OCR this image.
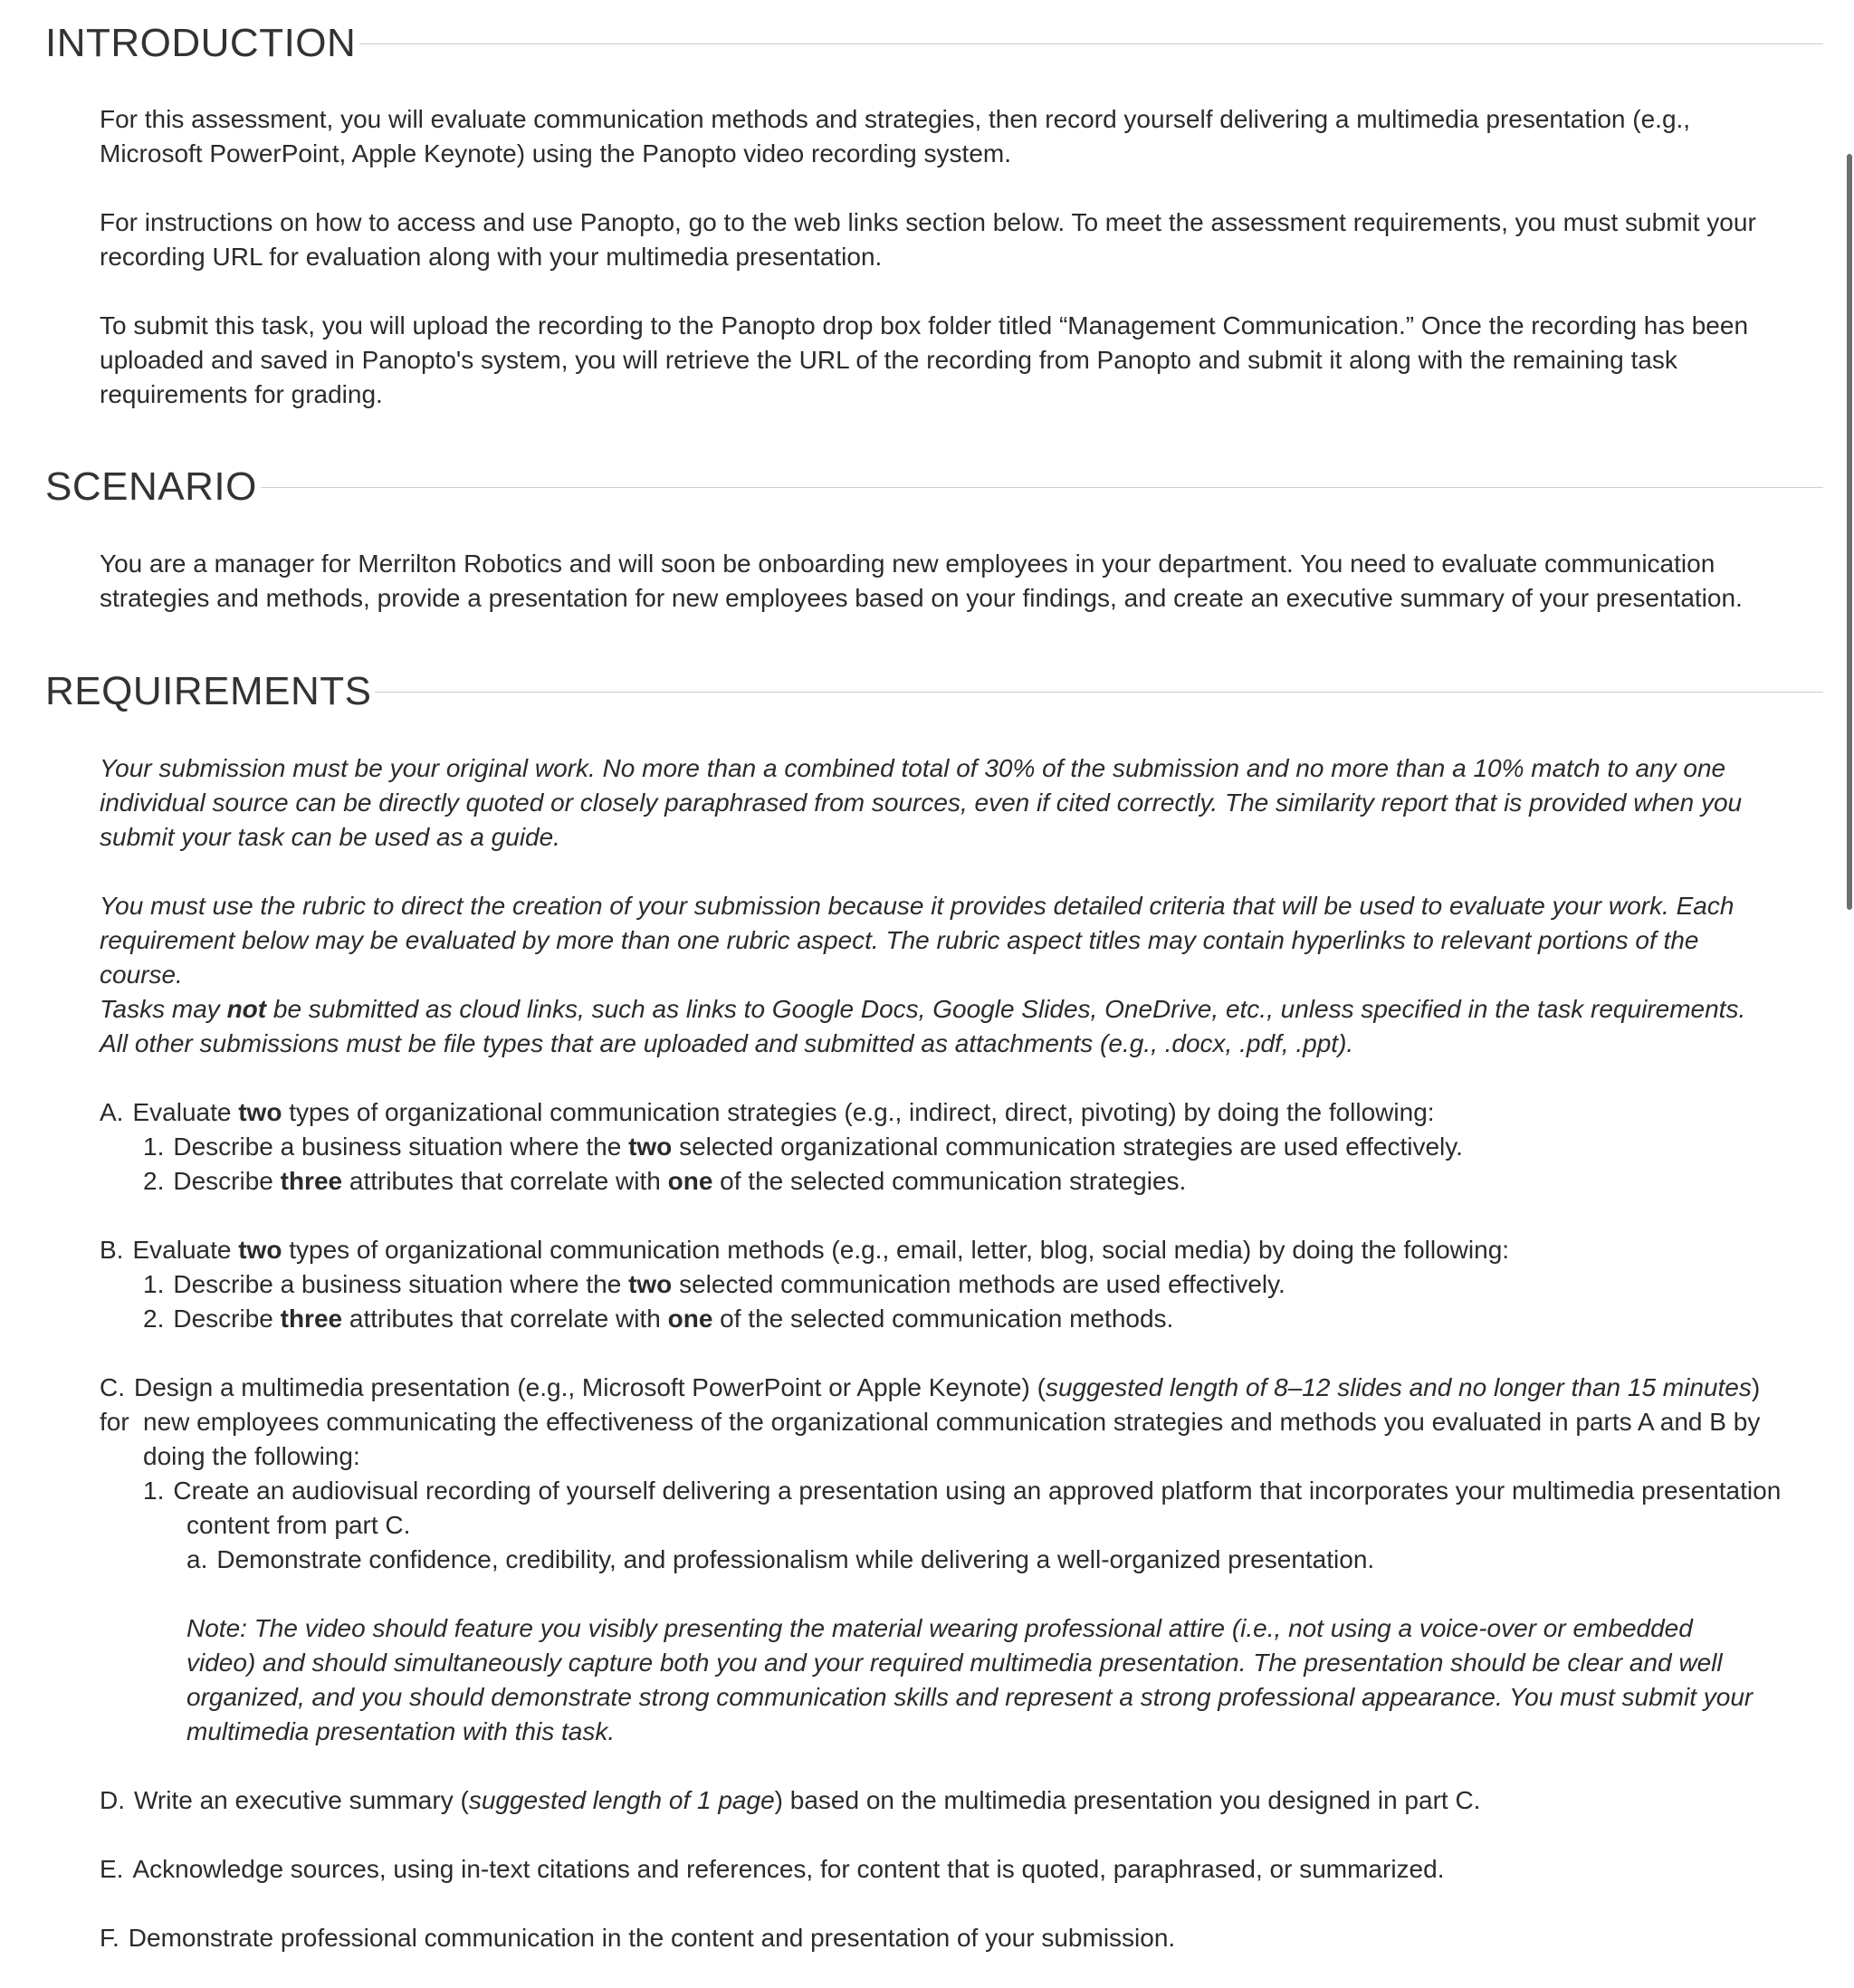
INTRODUCTION

For this assessment, you will evaluate communication methods and strategies, then record yourself delivering a multimedia presentation (e.g., Microsoft PowerPoint, Apple Keynote) using the Panopto video recording system.

For instructions on how to access and use Panopto, go to the web links section below. To meet the assessment requirements, you must submit your recording URL for evaluation along with your multimedia presentation.

To submit this task, you will upload the recording to the Panopto drop box folder titled “Management Communication.” Once the recording has been uploaded and saved in Panopto's system, you will retrieve the URL of the recording from Panopto and submit it along with the remaining task requirements for grading.

SCENARIO

You are a manager for Merrilton Robotics and will soon be onboarding new employees in your department. You need to evaluate communication strategies and methods, provide a presentation for new employees based on your findings, and create an executive summary of your presentation.

REQUIREMENTS

Your submission must be your original work. No more than a combined total of 30% of the submission and no more than a 10% match to any one individual source can be directly quoted or closely paraphrased from sources, even if cited correctly. The similarity report that is provided when you submit your task can be used as a guide.

You must use the rubric to direct the creation of your submission because it provides detailed criteria that will be used to evaluate your work. Each requirement below may be evaluated by more than one rubric aspect. The rubric aspect titles may contain hyperlinks to relevant portions of the course.

Tasks may not be submitted as cloud links, such as links to Google Docs, Google Slides, OneDrive, etc., unless specified in the task requirements. All other submissions must be file types that are uploaded and submitted as attachments (e.g., .docx, .pdf, .ppt).

A. Evaluate two types of organizational communication strategies (e.g., indirect, direct, pivoting) by doing the following:
1. Describe a business situation where the two selected organizational communication strategies are used effectively.
2. Describe three attributes that correlate with one of the selected communication strategies.
B. Evaluate two types of organizational communication methods (e.g., email, letter, blog, social media) by doing the following:
1. Describe a business situation where the two selected communication methods are used effectively.
2. Describe three attributes that correlate with one of the selected communication methods.
C. Design a multimedia presentation (e.g., Microsoft PowerPoint or Apple Keynote) (suggested length of 8–12 slides and no longer than 15 minutes) for new employees communicating the effectiveness of the organizational communication strategies and methods you evaluated in parts A and B by
doing the following:
1. Create an audiovisual recording of yourself delivering a presentation using an approved platform that incorporates your multimedia presentation
content from part C.
a. Demonstrate confidence, credibility, and professionalism while delivering a well-organized presentation.

Note: The video should feature you visibly presenting the material wearing professional attire (i.e., not using a voice-over or embedded video) and should simultaneously capture both you and your required multimedia presentation. The presentation should be clear and well organized, and you should demonstrate strong communication skills and represent a strong professional appearance. You must submit your multimedia presentation with this task.

D. Write an executive summary (suggested length of 1 page) based on the multimedia presentation you designed in part C.
E. Acknowledge sources, using in-text citations and references, for content that is quoted, paraphrased, or summarized.
F. Demonstrate professional communication in the content and presentation of your submission.
